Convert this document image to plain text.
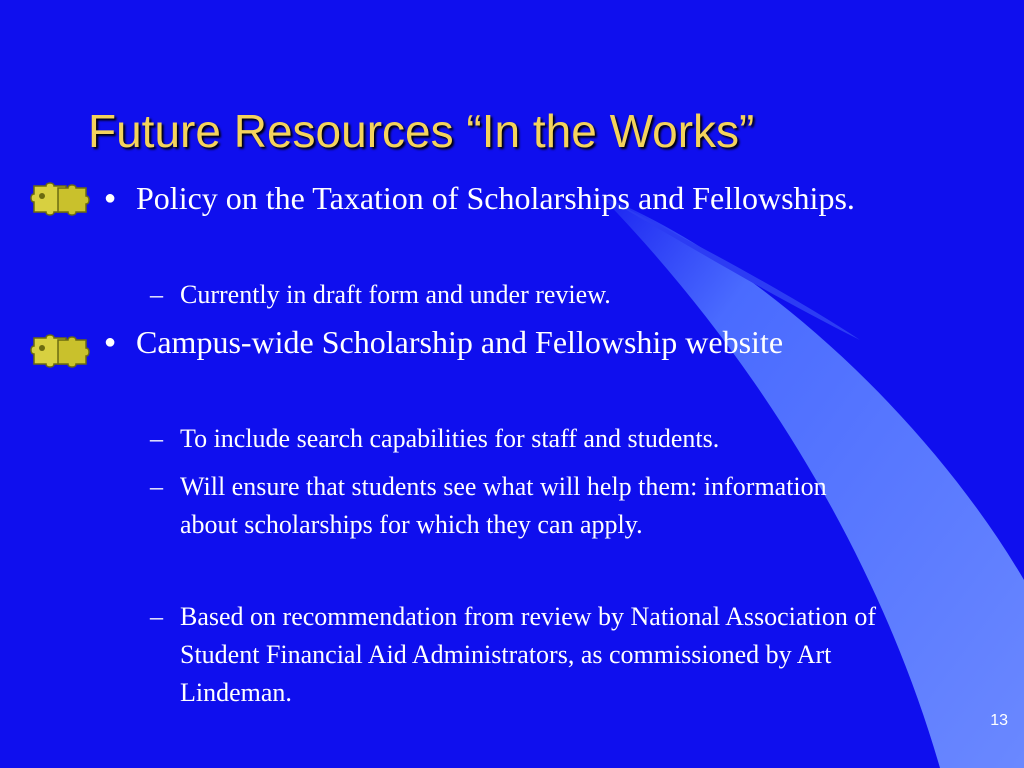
Future Resources “In the Works”
● Policy on the Taxation of Scholarships and Fellowships.

– Currently in draft form and under review.

● Campus-wide Scholarship and Fellowship website

– To include search capabilities for staff and students.

– Will ensure that students see what will help them: information about scholarships for which they can apply.

– Based on recommendation from review by National Association of Student Financial Aid Administrators, as commissioned by Art Lindeman.

13
